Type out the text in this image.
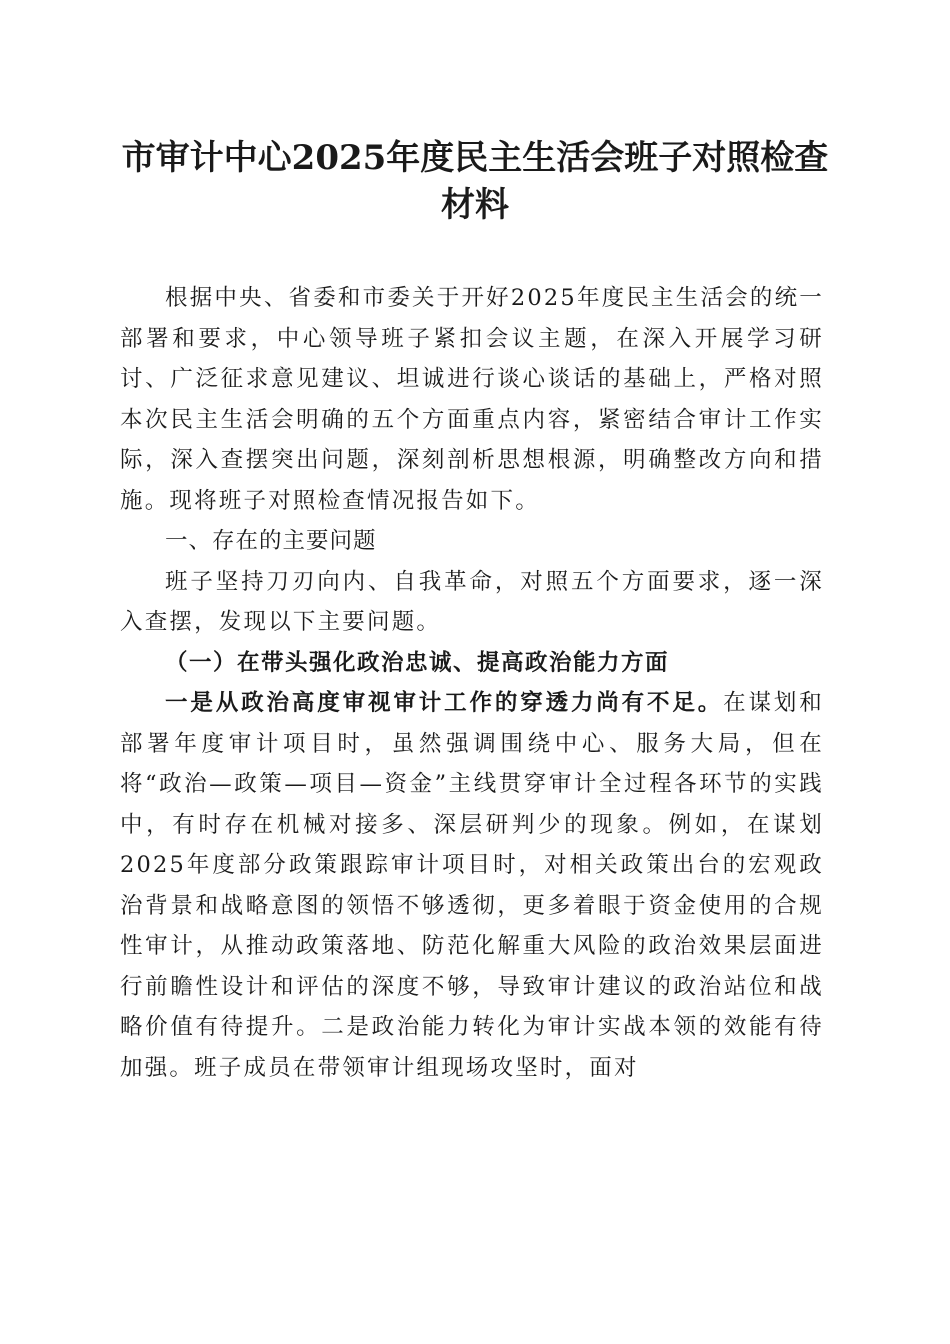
市审计中心2025年度民主生活会班子对照检查材料

根据中央、省委和市委关于开好2025年度民主生活会的统一部署和要求，中心领导班子紧扣会议主题，在深入开展学习研讨、广泛征求意见建议、坦诚进行谈心谈话的基础上，严格对照本次民主生活会明确的五个方面重点内容，紧密结合审计工作实际，深入查摆突出问题，深刻剖析思想根源，明确整改方向和措施。现将班子对照检查情况报告如下。

一、存在的主要问题

班子坚持刀刃向内、自我革命，对照五个方面要求，逐一深入查摆，发现以下主要问题。

（一）在带头强化政治忠诚、提高政治能力方面

一是从政治高度审视审计工作的穿透力尚有不足。在谋划和部署年度审计项目时，虽然强调围绕中心、服务大局，但在将“政治—政策—项目—资金”主线贯穿审计全过程各环节的实践中，有时存在机械对接多、深层研判少的现象。例如，在谋划2025年度部分政策跟踪审计项目时，对相关政策出台的宏观政治背景和战略意图的领悟不够透彻，更多着眼于资金使用的合规性审计，从推动政策落地、防范化解重大风险的政治效果层面进行前瞻性设计和评估的深度不够，导致审计建议的政治站位和战略价值有待提升。二是政治能力转化为审计实战本领的效能有待加强。班子成员在带领审计组现场攻坚时，面对
